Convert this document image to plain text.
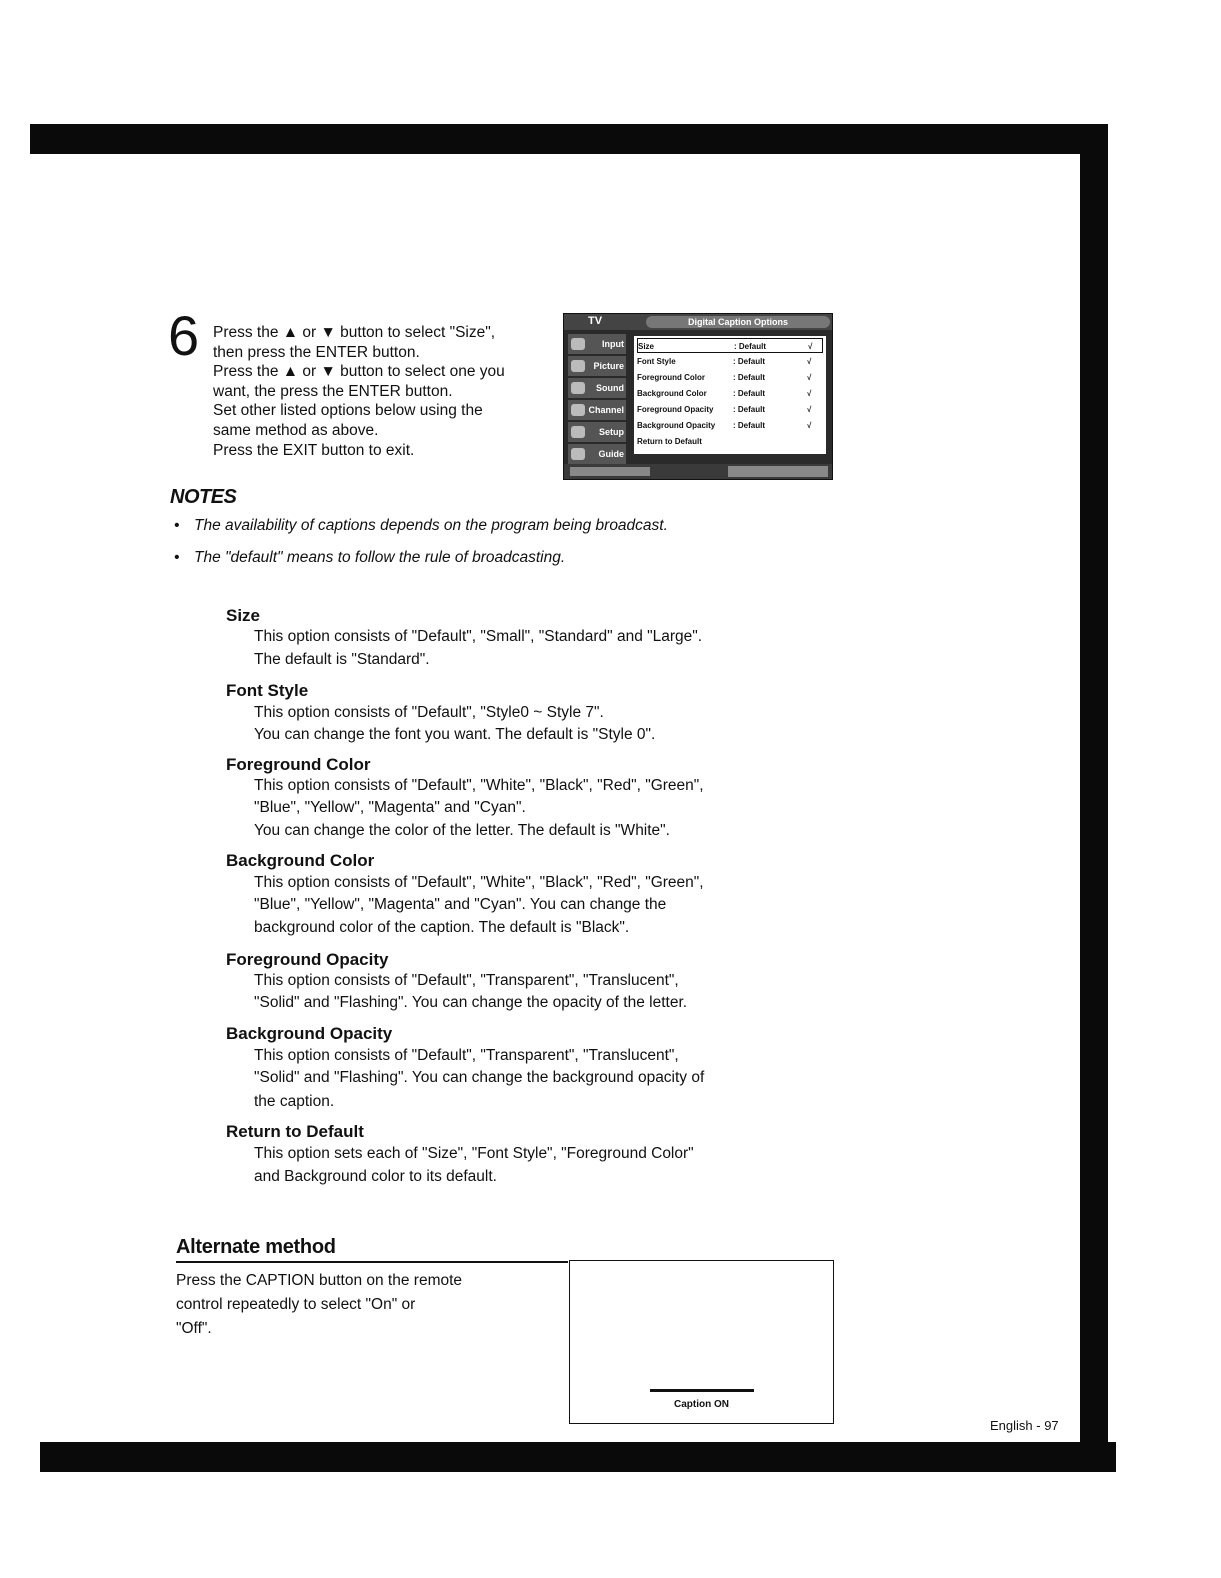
6 Press the ▲ or ▼ button to select "Size",
then press the ENTER button.
Press the ▲ or ▼ button to select one you
want, the press the ENTER button.
Set other listed options below using the
same method as above.
Press the EXIT button to exit.
TV	Digital Caption Options
Input
Picture
Sound
Channel
Setup
Guide
Size	: Default	√
Font Style	: Default	√
Foreground Color	: Default	√
Background Color	: Default	√
Foreground Opacity : Default	√
Background Opacity : Default	√
Return to Default
NOTES
• The availability of captions depends on the program being broadcast.
• The "default" means to follow the rule of broadcasting.
Size
This option consists of "Default", "Small", "Standard" and "Large".
The default is "Standard".
Font Style
This option consists of "Default", "Style0 ~ Style 7".
You can change the font you want. The default is "Style 0".
Foreground Color
This option consists of "Default", "White", "Black", "Red", "Green",
"Blue", "Yellow", "Magenta" and "Cyan".
You can change the color of the letter. The default is "White".
Background Color
This option consists of "Default", "White", "Black", "Red", "Green",
"Blue", "Yellow", "Magenta" and "Cyan". You can change the
background color of the caption. The default is "Black".
Foreground Opacity
This option consists of "Default", "Transparent", "Translucent",
"Solid" and "Flashing". You can change the opacity of the letter.
Background Opacity
This option consists of "Default", "Transparent", "Translucent",
"Solid" and "Flashing". You can change the background opacity of
the caption.
Return to Default
This option sets each of "Size", "Font Style", "Foreground Color"
and Background color to its default.
Alternate method
Press the CAPTION button on the remote
control repeatedly to select "On" or
"Off".
Caption ON
English - 97
